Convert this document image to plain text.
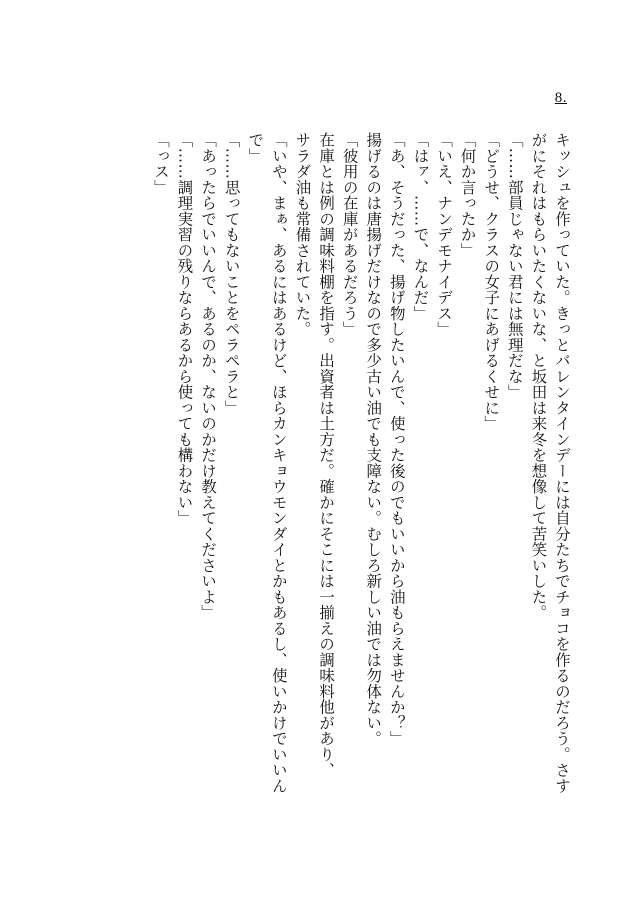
8.
キッシュを作っていた。きっとバレンタインデーには自分たちでチョコを作るのだろう。さす
がにそれはもらいたくないな、と坂田は来冬を想像して苦笑いした。
「……部員じゃない君には無理だな」
「どうせ、クラスの女子にあげるくせに」
「何か言ったか」
「いえ、ナンデモナイデス」
「はァ、……で、なんだ」
「あ、そうだった、揚げ物したいんで、使った後のでもいいから油もらえませんか？」
揚げるのは唐揚げだけなので多少古い油でも支障ない。むしろ新しい油では勿体ない。
「彼用の在庫があるだろう」
在庫とは例の調味料棚を指す。出資者は土方だ。確かにそこには一揃えの調味料他があり、
サラダ油も常備されていた。
「いや、まぁ、あるにはあるけど、ほらカンキョウモンダイとかもあるし、使いかけでいいん
で」
「……思ってもないことをペラペラと」
「あったらでいいんで、あるのか、ないのかだけ教えてくださいよ」
「……調理実習の残りならあるから使っても構わない」
「っス」
